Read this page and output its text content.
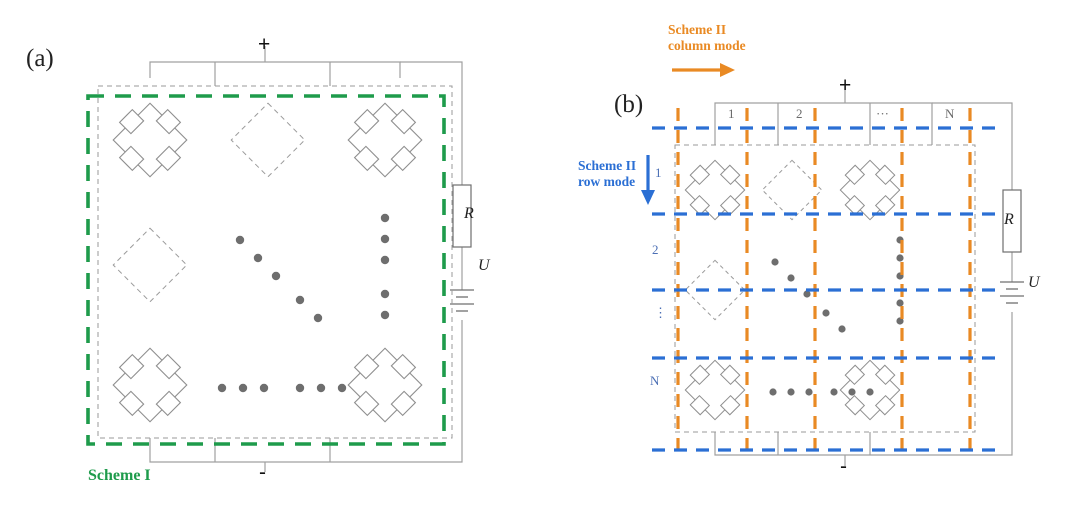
(a)
+
-
R
U
Scheme I
(b)
+
-
R
U
Scheme II
column mode
Scheme II
row mode
1	2	···	N
1
2
⋮
N
